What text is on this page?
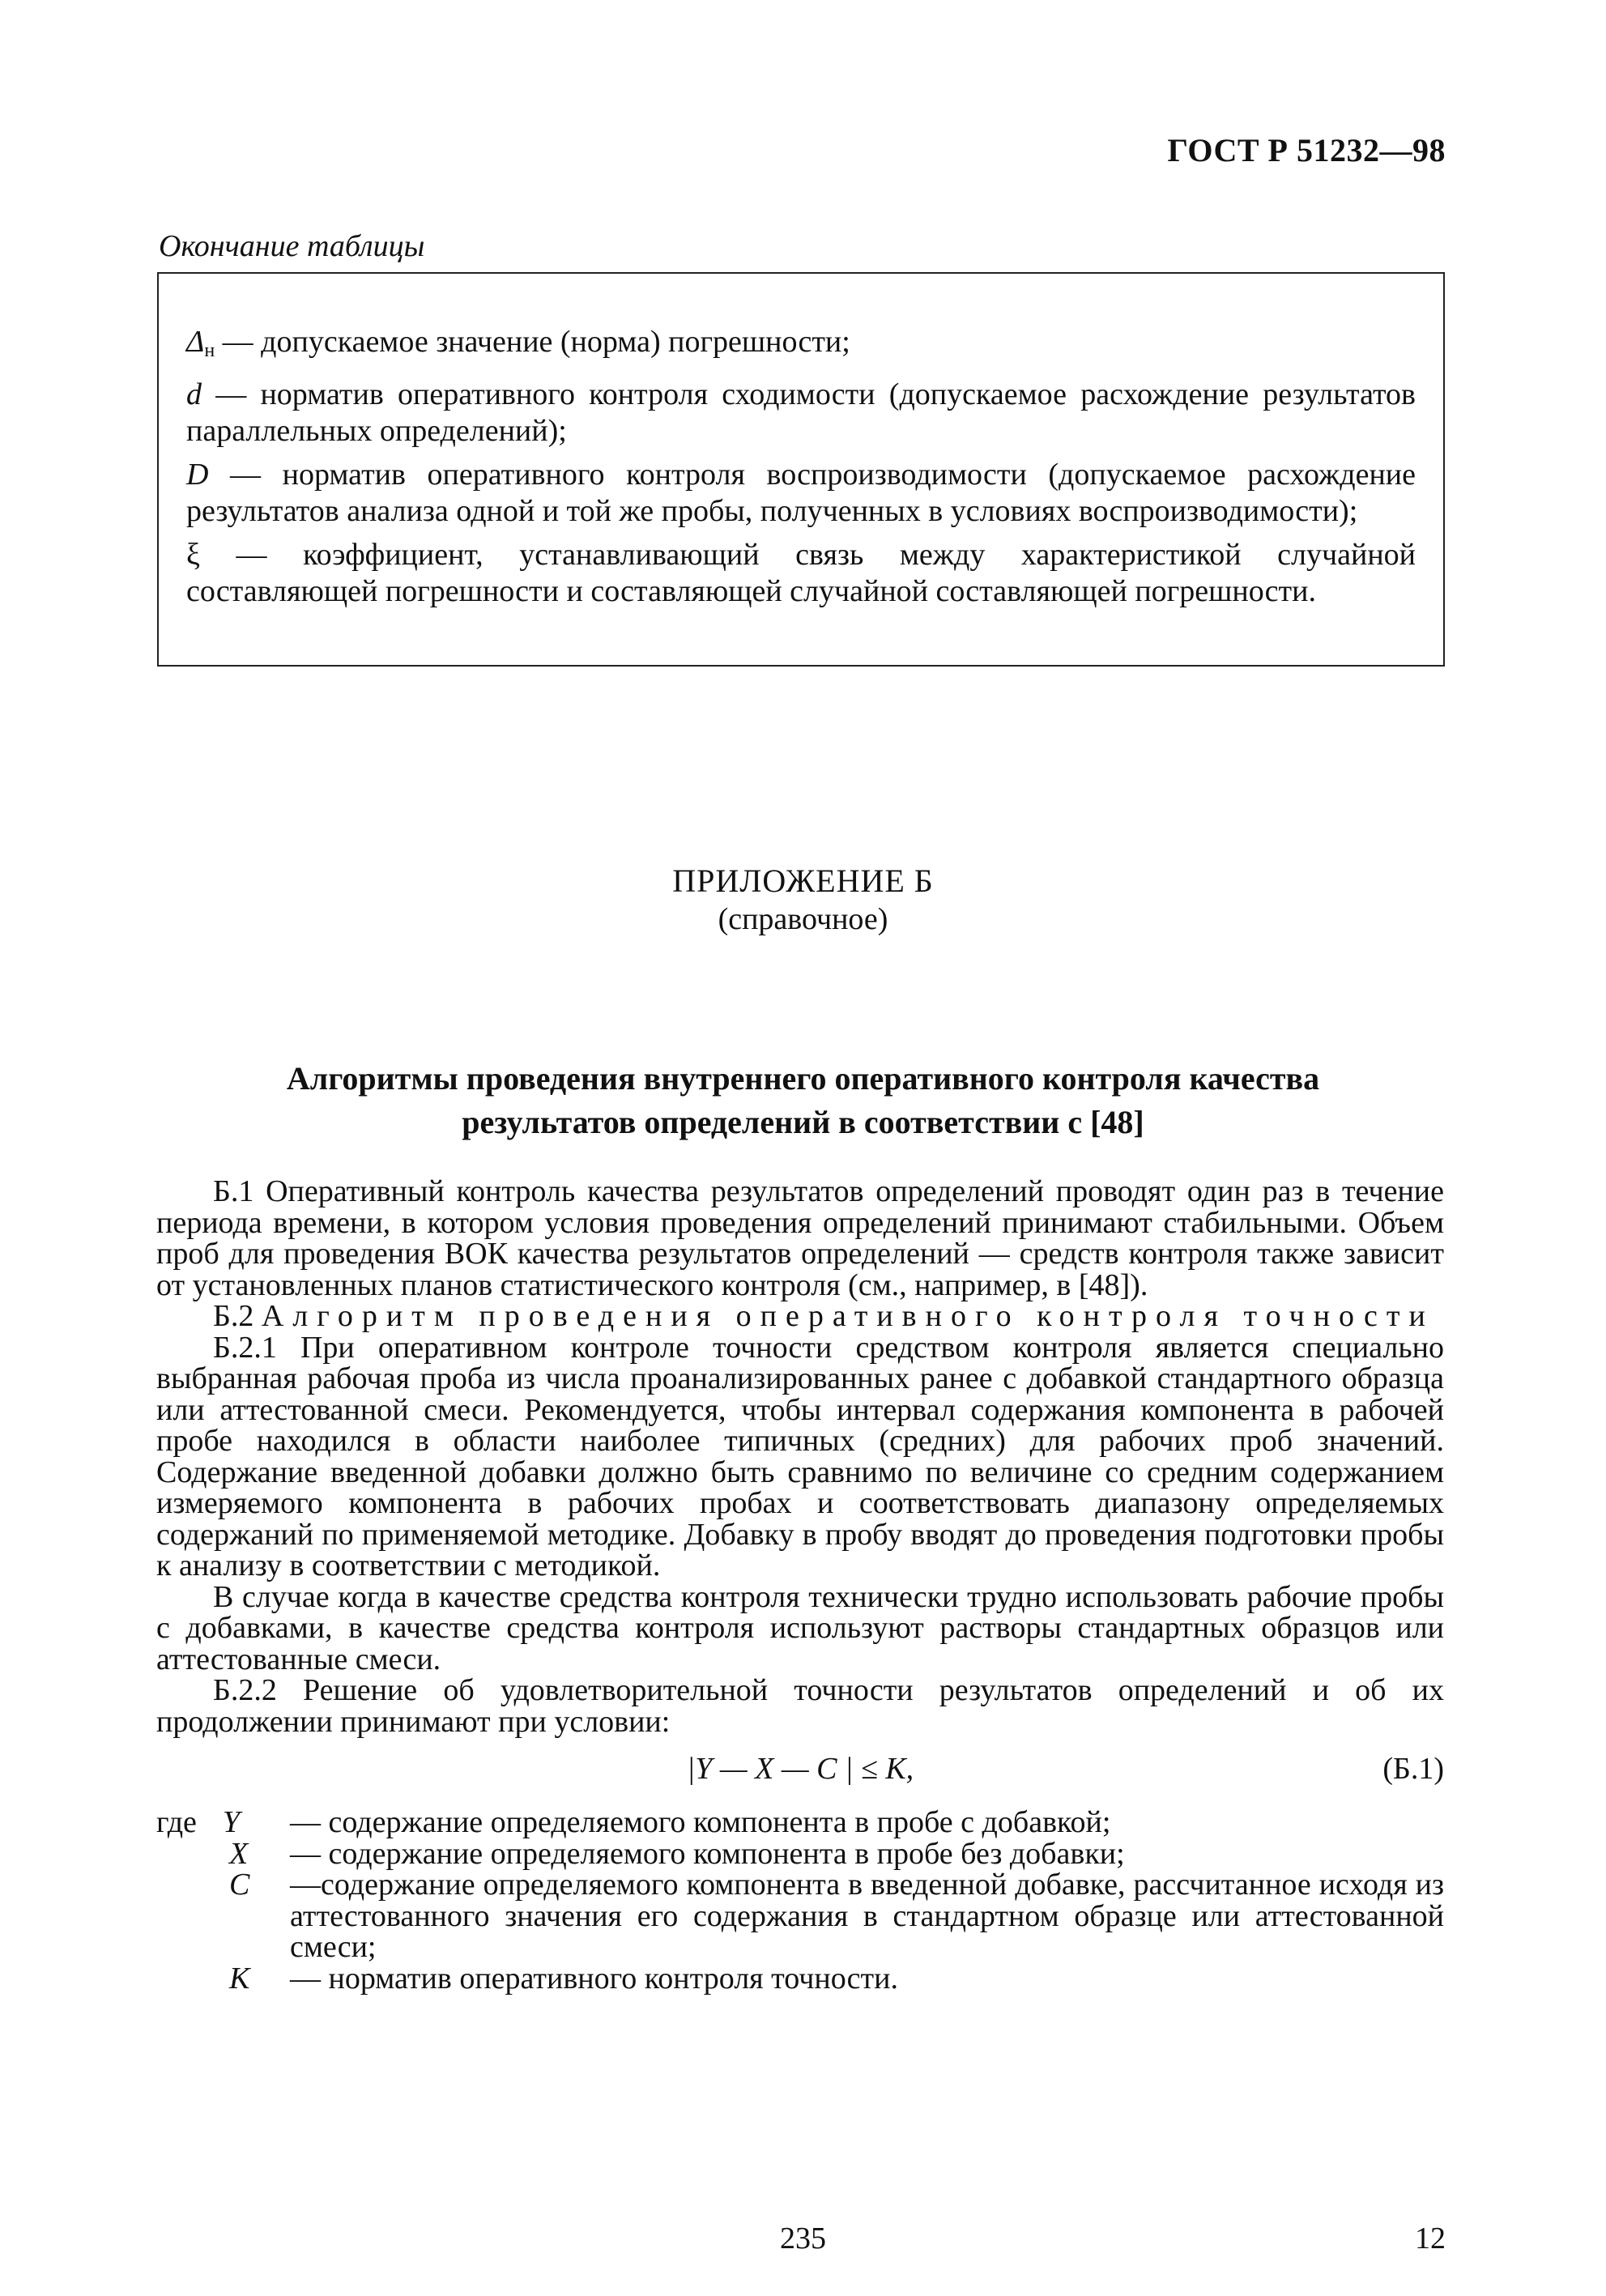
ГОСТ Р 51232—98
Окончание таблицы

Δн — допускаемое значение (норма) погрешности;

d — норматив оперативного контроля сходимости (допускаемое расхождение результатов параллельных определений);

D — норматив оперативного контроля воспроизводимости (допускаемое расхождение результатов анализа одной и той же пробы, полученных в условиях воспроизводимости);

ξ — коэффициент, устанавливающий связь между характеристикой случайной составляющей погрешности и составляющей случайной составляющей погрешности.

ПРИЛОЖЕНИЕ Б
(справочное)
Алгоритмы проведения внутреннего оперативного контроля качества
результатов определений в соответствии с [48]

Б.1 Оперативный контроль качества результатов определений проводят один раз в течение периода времени, в котором условия проведения определений принимают стабильными. Объем проб для проведения ВОК качества результатов определений — средств контроля также зависит от установленных планов статистического контроля (см., например, в [48]).

Б.2 Алгоритм проведения оперативного контроля точности

Б.2.1 При оперативном контроле точности средством контроля является специально выбранная рабочая проба из числа проанализированных ранее с добавкой стандартного образца или аттестованной смеси. Рекомендуется, чтобы интервал содержания компонента в рабочей пробе находился в области наиболее типичных (средних) для рабочих проб значений. Содержание введенной добавки должно быть сравнимо по величине со средним содержанием измеряемого компонента в рабочих пробах и соответствовать диапазону определяемых содержаний по применяемой методике. Добавку в пробу вводят до проведения подготовки пробы к анализу в соответствии с методикой.

В случае когда в качестве средства контроля технически трудно использовать рабочие пробы с добавками, в качестве средства контроля используют растворы стандартных образцов или аттестованные смеси.

Б.2.2 Решение об удовлетворительной точности результатов определений и об их продолжении принимают при условии:

|Y — X — C | ≤ K,	(Б.1)
где Y — содержание определяемого компонента в пробе с добавкой;
X — содержание определяемого компонента в пробе без добавки;
C —содержание определяемого компонента в введенной добавке, рассчитанное исходя из аттестованного значения его содержания в стандартном образце или аттестованной смеси;
K — норматив оперативного контроля точности.
235	12
